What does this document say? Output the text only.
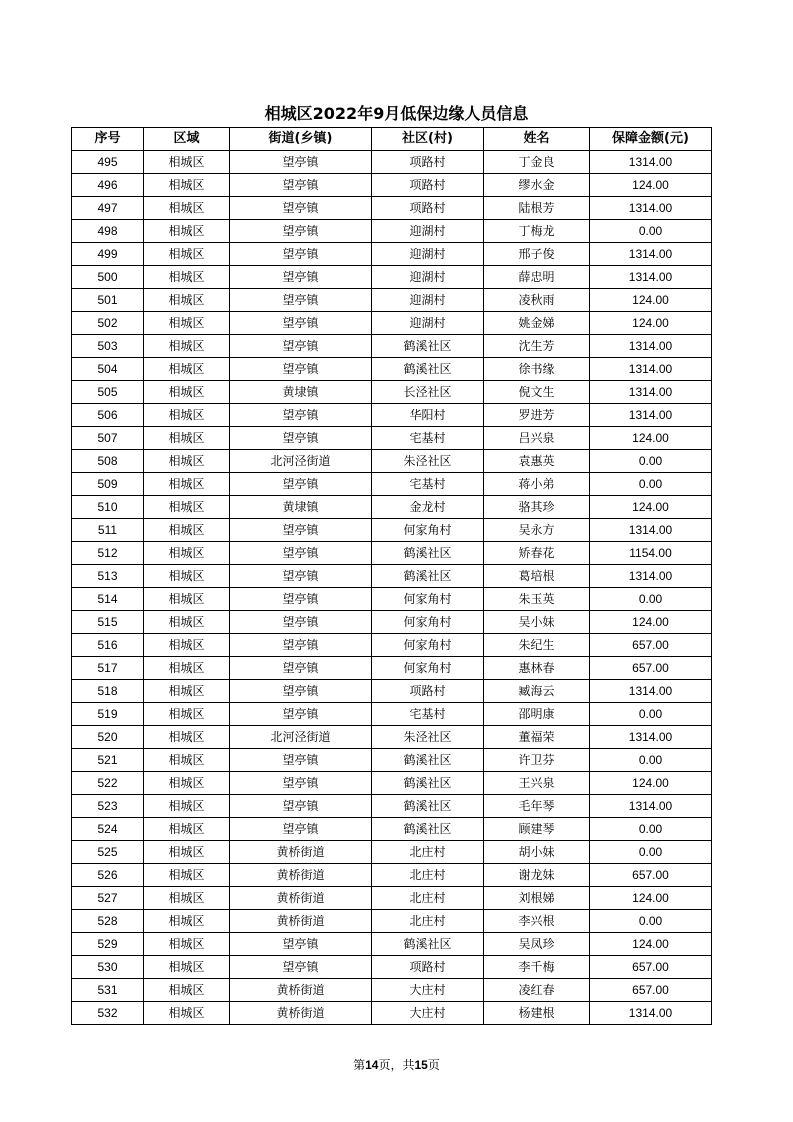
相城区2022年9月低保边缘人员信息
序号	区域	街道(乡镇)	社区(村)	姓名	保障金额(元)
495	相城区	望亭镇	项路村	丁金良	1314.00
496	相城区	望亭镇	项路村	缪水金	124.00
497	相城区	望亭镇	项路村	陆根芳	1314.00
498	相城区	望亭镇	迎湖村	丁梅龙	0.00
499	相城区	望亭镇	迎湖村	邢子俊	1314.00
500	相城区	望亭镇	迎湖村	薛忠明	1314.00
501	相城区	望亭镇	迎湖村	凌秋雨	124.00
502	相城区	望亭镇	迎湖村	姚金娣	124.00
503	相城区	望亭镇	鹤溪社区	沈生芳	1314.00
504	相城区	望亭镇	鹤溪社区	徐书缘	1314.00
505	相城区	黄埭镇	长泾社区	倪文生	1314.00
506	相城区	望亭镇	华阳村	罗进芳	1314.00
507	相城区	望亭镇	宅基村	吕兴泉	124.00
508	相城区	北河泾街道	朱泾社区	袁惠英	0.00
509	相城区	望亭镇	宅基村	蒋小弟	0.00
510	相城区	黄埭镇	金龙村	骆其珍	124.00
511	相城区	望亭镇	何家角村	吴永方	1314.00
512	相城区	望亭镇	鹤溪社区	矫春花	1154.00
513	相城区	望亭镇	鹤溪社区	葛培根	1314.00
514	相城区	望亭镇	何家角村	朱玉英	0.00
515	相城区	望亭镇	何家角村	吴小妹	124.00
516	相城区	望亭镇	何家角村	朱纪生	657.00
517	相城区	望亭镇	何家角村	惠林春	657.00
518	相城区	望亭镇	项路村	臧海云	1314.00
519	相城区	望亭镇	宅基村	邵明康	0.00
520	相城区	北河泾街道	朱泾社区	董福荣	1314.00
521	相城区	望亭镇	鹤溪社区	许卫芬	0.00
522	相城区	望亭镇	鹤溪社区	王兴泉	124.00
523	相城区	望亭镇	鹤溪社区	毛年琴	1314.00
524	相城区	望亭镇	鹤溪社区	顾建琴	0.00
525	相城区	黄桥街道	北庄村	胡小妹	0.00
526	相城区	黄桥街道	北庄村	谢龙妹	657.00
527	相城区	黄桥街道	北庄村	刘根娣	124.00
528	相城区	黄桥街道	北庄村	李兴根	0.00
529	相城区	望亭镇	鹤溪社区	吴凤珍	124.00
530	相城区	望亭镇	项路村	李千梅	657.00
531	相城区	黄桥街道	大庄村	凌红春	657.00
532	相城区	黄桥街道	大庄村	杨建根	1314.00
第14页，共15页
